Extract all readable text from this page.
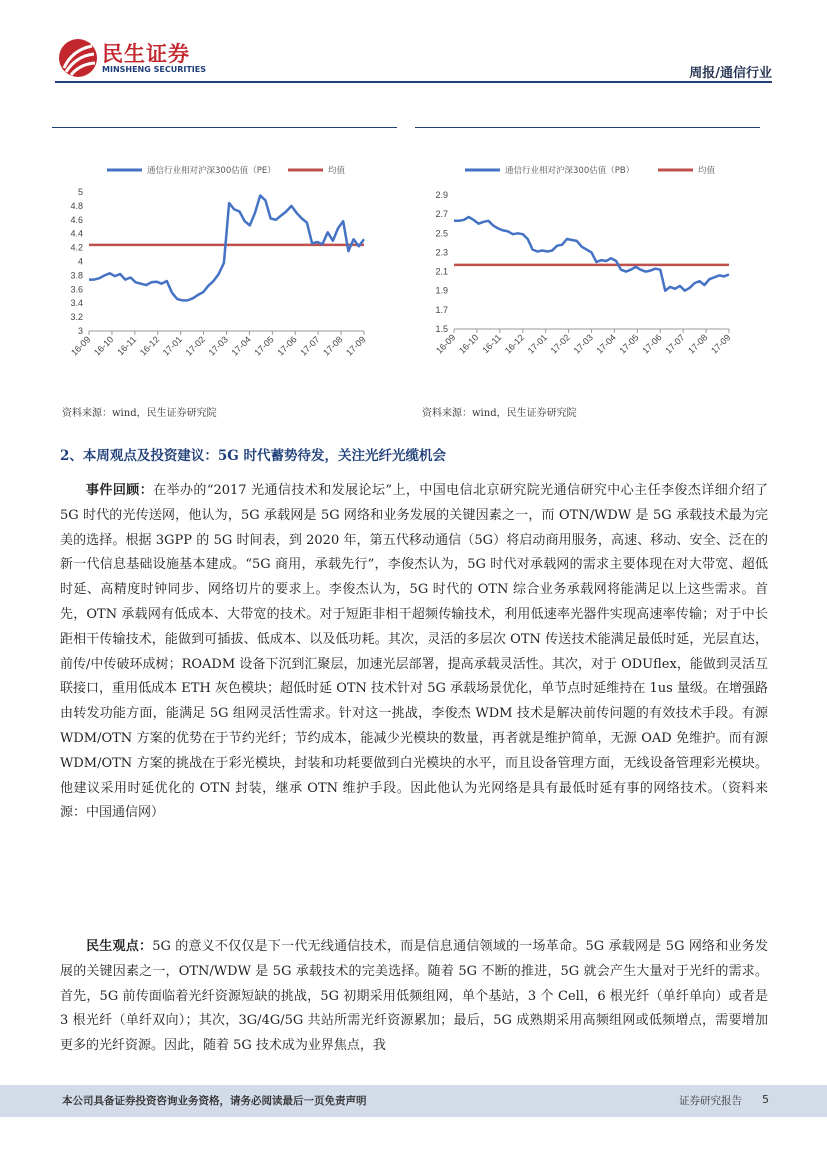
民生证券
MINSHENG SECURITIES	周报/通信行业
通信行业相对沪深300估值（PE）	均值
3
3.2
3.4
3.6
3.8
4
4.2
4.4
4.6
4.8
5
16-09 16-10 16-11 16-12 17-01 17-02 17-03 17-04 17-05 17-06 17-07 17-08 17-09
通信行业相对沪深300估值（PB）	均值
1.5
1.7
1.9
2.1
2.3
2.5
2.7
2.9
16-09 16-10 16-11 16-12 17-01 17-02 17-03 17-04 17-05 17-06 17-07 17-08 17-09
资料来源：wind，民生证券研究院	资料来源：wind，民生证券研究院
2、本周观点及投资建议：5G 时代蓄势待发，关注光纤光缆机会
事件回顾：在举办的“2017 光通信技术和发展论坛”上，中国电信北京研究院光通信研究中心主任李俊杰详细介绍了 5G 时代的光传送网，他认为，5G 承载网是 5G 网络和业务发展的关键因素之一，而 OTN/WDW 是 5G 承载技术最为完美的选择。根据 3GPP 的 5G 时间表，到 2020 年，第五代移动通信（5G）将启动商用服务，高速、移动、安全、泛在的新一代信息基础设施基本建成。“5G 商用，承载先行”，李俊杰认为，5G 时代对承载网的需求主要体现在对大带宽、超低时延、高精度时钟同步、网络切片的要求上。李俊杰认为，5G 时代的 OTN 综合业务承载网将能满足以上这些需求。首先，OTN 承载网有低成本、大带宽的技术。对于短距非相干超频传输技术，利用低速率光器件实现高速率传输；对于中长距相干传输技术，能做到可插拔、低成本、以及低功耗。其次，灵活的多层次 OTN 传送技术能满足最低时延，光层直达，前传/中传破环成树；ROADM 设备下沉到汇聚层，加速光层部署，提高承载灵活性。其次，对于 ODUflex，能做到灵活互联接口，重用低成本 ETH 灰色模块；超低时延 OTN 技术针对 5G 承载场景优化，单节点时延维持在 1us 量级。在增强路由转发功能方面，能满足 5G 组网灵活性需求。针对这一挑战，李俊杰 WDM 技术是解决前传问题的有效技术手段。有源 WDM/OTN 方案的优势在于节约光纤；节约成本，能减少光模块的数量，再者就是维护简单，无源 OAD 免维护。而有源 WDM/OTN 方案的挑战在于彩光模块，封装和功耗要做到白光模块的水平，而且设备管理方面，无线设备管理彩光模块。他建议采用时延优化的 OTN 封装，继承 OTN 维护手段。因此他认为光网络是具有最低时延有事的网络技术。（资料来源：中国通信网）
民生观点：5G 的意义不仅仅是下一代无线通信技术，而是信息通信领域的一场革命。5G 承载网是 5G 网络和业务发展的关键因素之一，OTN/WDW 是 5G 承载技术的完美选择。随着 5G 不断的推进，5G 就会产生大量对于光纤的需求。首先，5G 前传面临着光纤资源短缺的挑战，5G 初期采用低频组网，单个基站，3 个 Cell，6 根光纤（单纤单向）或者是 3 根光纤（单纤双向）；其次，3G/4G/5G 共站所需光纤资源累加；最后，5G 成熟期采用高频组网或低频增点，需要增加更多的光纤资源。因此，随着 5G 技术成为业界焦点，我
本公司具备证券投资咨询业务资格，请务必阅读最后一页免责声明	证券研究报告 5
